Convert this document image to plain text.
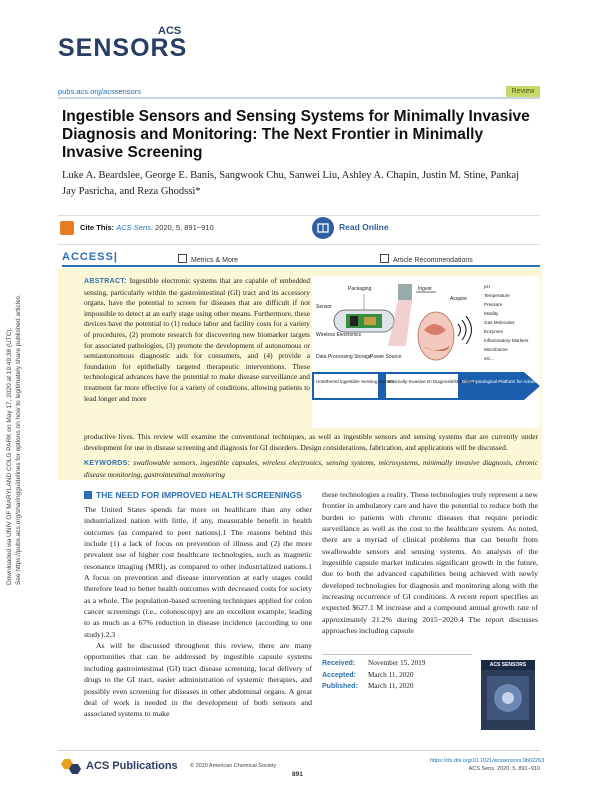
ACS
SENSORS
pubs.acs.org/acssensors	Review
Ingestible Sensors and Sensing Systems for Minimally Invasive Diagnosis and Monitoring: The Next Frontier in Minimally Invasive Screening
Luke A. Beardslee, George E. Banis, Sangwook Chu, Sanwei Liu, Ashley A. Chapin, Justin M. Stine, Pankaj Jay Pasricha, and Reza Ghodssi*
Cite This: ACS Sens. 2020, 5, 891−910	Read Online
ACCESS|	Metrics & More	Article Recommendations
ABSTRACT: Ingestible electronic systems that are capable of embedded sensing, particularly within the gastrointestinal (GI) tract and its accessory organs, have the potential to screen for diseases that are difficult if not impossible to detect at an early stage using other means. Furthermore, these devices have the potential to (1) reduce labor and facility costs for a variety of procedures, (2) promote research for discovering new biomarker targets for associated pathologies, (3) promote the development of autonomous or semiautonomous diagnostic aids for consumers, and (4) provide a foundation for epithelially targeted therapeutic interventions. These technological advances have the potential to make disease surveillance and treatment far more effective for a variety of conditions, allowing patients to lead longer and more
productive lives. This review will examine the conventional techniques, as well as ingestible sensors and sensing systems that are currently under development for use in disease screening and diagnosis for GI disorders. Design considerations, fabrication, and applications will be discussed.
KEYWORDS: swallowable sensors, ingestible capsules, wireless electronics, sensing systems, microsystems, minimally invasive diagnosis, chronic disease monitoring, gastrointestinal monitoring
Packaging
Sensor
Wireless Electronics
Data Processing Storage
Power Source
Ingest
Acquire
pH
Temperature
Pressure
Motility
Gas Molecules
Enzymes
Inflammatory Markers
Microbiome
etc...
Untethered Ingestible Sensing System
Minimally-Invasive GI Diagnosis/Monitoring
Bio-Physiological Platform for Advanced Healthcare
Downloaded via UNIV OF MARYLAND COLG PARK on May 17, 2020 at 19:49:38 (UTC). See https://pubs.acs.org/sharingguidelines for options on how to legitimately share published articles.	THE NEED FOR IMPROVED HEALTH SCREENINGS

The United States spends far more on healthcare than any other industrialized nation with little, if any, measurable benefit in health outcomes (as compared to peer nations).1 The reasons behind this include (1) a lack of focus on prevention of illness and (2) the more prevalent use of higher cost healthcare technologies, such as magnetic resonance imaging (MRI), as compared to other industrialized nations.1 A focus on prevention and disease intervention at early stages could therefore lead to better health outcomes with decreased costs for society as a whole. The population-based screening techniques applied for colon cancer screenings (i.e., colonoscopy) are an excellent example, leading to as much as a 67% reduction in disease incidence (according to one study).2,3

As will be discussed throughout this review, there are many opportunities that can be addressed by ingestible capsule systems including gastrointestinal (GI) tract disease screening, local delivery of drugs to the GI tract, easier administration of systemic therapies, and possibly even screening for diseases in other abdominal organs. A great deal of work is needed in the development of both sensors and associated systems to make

these technologies a reality. These technologies truly represent a new frontier in ambulatory care and have the potential to reduce both the burden to patients with chronic diseases that require periodic surveillance as well as the cost to the healthcare system. As noted, there are a myriad of clinical problems that can benefit from swallowable sensors and sensing systems. An analysis of the ingestible capsule market indicates significant growth in the future, due to both the advanced capabilities being achieved with newly developed technologies for diagnosis and monitoring along with the increasing occurrence of GI conditions. A recent report specifies an expected $627.1 M increase and a compound annual growth rate of approximately 21.2% during 2015−2020.4 The report discusses approaches including capsule

Received: November 15, 2019
Accepted: March 11, 2020
Published: March 11, 2020
ACS SENSORS
ACS Publications © 2020 American Chemical Society
891
https://dx.doi.org/10.1021/acssensors.9b02263
ACS Sens. 2020, 5, 891−910
